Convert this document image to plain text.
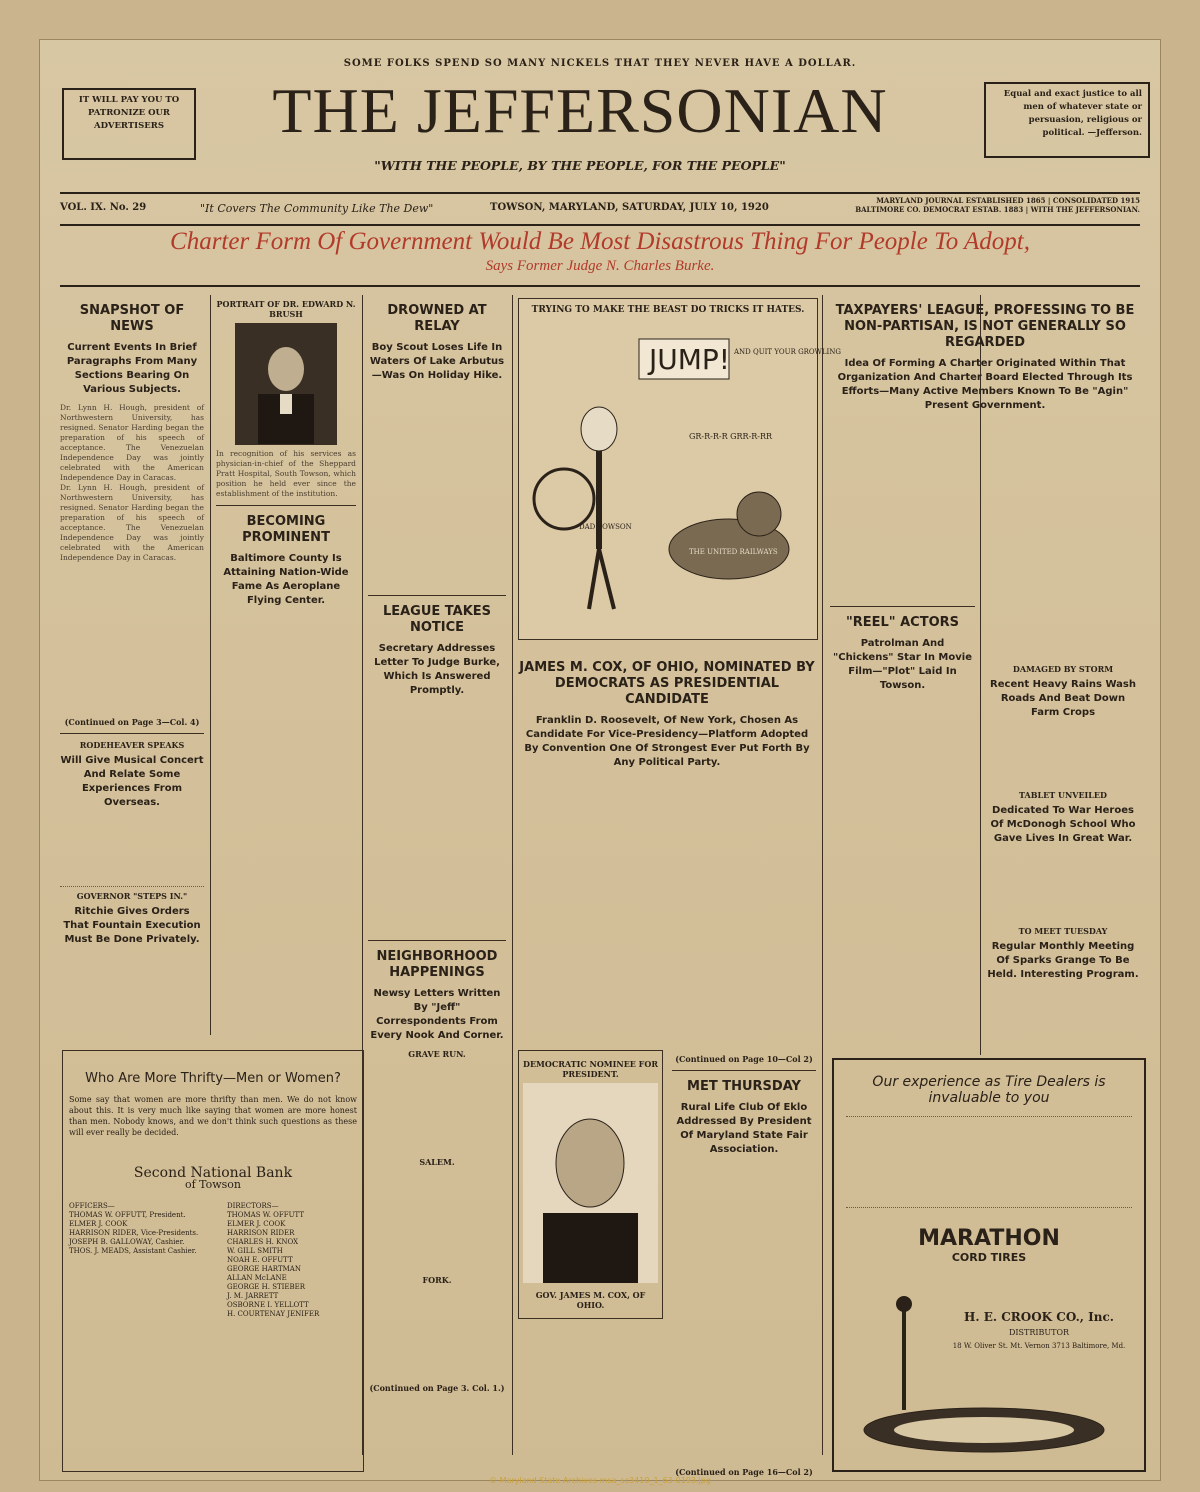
SOME FOLKS SPEND SO MANY NICKELS THAT THEY NEVER HAVE A DOLLAR.
IT WILL PAY YOU TO PATRONIZE OUR ADVERTISERS	THE JEFFERSONIAN
"WITH THE PEOPLE, BY THE PEOPLE, FOR THE PEOPLE"
Equal and exact justice to all men of whatever state or persuasion, religious or political. —Jefferson.
VOL. IX. No. 29	"It Covers The Community Like The Dew"	TOWSON, MARYLAND, SATURDAY, JULY 10, 1920
MARYLAND JOURNAL ESTABLISHED 1865 | CONSOLIDATED 1915
BALTIMORE CO. DEMOCRAT ESTAB. 1883 | WITH THE JEFFERSONIAN.
Charter Form Of Government Would Be Most Disastrous Thing For People To Adopt,
Says Former Judge N. Charles Burke.
SNAPSHOT OF NEWS
Current Events In Brief Paragraphs From Many Sections Bearing On Various Subjects.
Dr. Lynn H. Hough, president of Northwestern University, has resigned. Senator Harding began the preparation of his speech of acceptance. The Venezuelan Independence Day was jointly celebrated with the American Independence Day in Caracas.
Dr. Lynn H. Hough, president of Northwestern University, has resigned. Senator Harding began the preparation of his speech of acceptance. The Venezuelan Independence Day was jointly celebrated with the American Independence Day in Caracas.
(Continued on Page 3—Col. 4)
RODEHEAVER SPEAKS
Will Give Musical Concert And Relate Some Experiences From Overseas.
GOVERNOR "STEPS IN."
Ritchie Gives Orders That Fountain Execution Must Be Done Privately.
PORTRAIT OF DR. EDWARD N. BRUSH
In recognition of his services as physician-in-chief of the Sheppard Pratt Hospital, South Towson, which position he held ever since the establishment of the institution.
BECOMING PROMINENT
Baltimore County Is Attaining Nation-Wide Fame As Aeroplane Flying Center.
DROWNED AT RELAY
Boy Scout Loses Life In Waters Of Lake Arbutus—Was On Holiday Hike.
LEAGUE TAKES NOTICE
Secretary Addresses Letter To Judge Burke, Which Is Answered Promptly.
NEIGHBORHOOD HAPPENINGS
Newsy Letters Written By "Jeff" Correspondents From Every Nook And Corner.
GRAVE RUN.
SALEM.
FORK.
(Continued on Page 3. Col. 1.)
TRYING TO MAKE THE BEAST DO TRICKS IT HATES.
JUMP! AND QUIT YOUR GROWLING
GR-R-R-R GRR-R-RR
DAD TOWSON
THE UNITED RAILWAYS
JAMES M. COX, OF OHIO, NOMINATED BY DEMOCRATS AS PRESIDENTIAL CANDIDATE
Franklin D. Roosevelt, Of New York, Chosen As Candidate For Vice-Presidency—Platform Adopted By Convention One Of Strongest Ever Put Forth By Any Political Party.
DEMOCRATIC NOMINEE FOR PRESIDENT.
GOV. JAMES M. COX, OF OHIO.
(Continued on Page 10—Col 2)
MET THURSDAY
Rural Life Club Of Eklo Addressed By President Of Maryland State Fair Association.
(Continued on Page 16—Col 2)
TAXPAYERS' LEAGUE, PROFESSING TO BE NON-PARTISAN, IS NOT GENERALLY SO REGARDED
Idea Of Forming A Charter Originated Within That Organization And Charter Board Elected Through Its Efforts—Many Active Members Known To Be "Agin" Present Government.
"REEL" ACTORS
Patrolman And "Chickens" Star In Movie Film—"Plot" Laid In Towson.
DAMAGED BY STORM
Recent Heavy Rains Wash Roads And Beat Down Farm Crops
TABLET UNVEILED
Dedicated To War Heroes Of McDonogh School Who Gave Lives In Great War.
TO MEET TUESDAY
Regular Monthly Meeting Of Sparks Grange To Be Held. Interesting Program.
Who Are More Thrifty—Men or Women?
Some say that women are more thrifty than men. We do not know about this. It is very much like saying that women are more honest than men. Nobody knows, and we don't think such questions as these will ever really be decided.
Second National Bank
of Towson
OFFICERS—
THOMAS W. OFFUTT, President.
ELMER J. COOK
HARRISON RIDER, Vice-Presidents.
JOSEPH B. GALLOWAY, Cashier.
THOS. J. MEADS, Assistant Cashier.
DIRECTORS—
THOMAS W. OFFUTT
ELMER J. COOK
HARRISON RIDER
CHARLES H. KNOX
W. GILL SMITH
NOAH E. OFFUTT
GEORGE HARTMAN
ALLAN McLANE
GEORGE H. STIEBER
J. M. JARRETT
OSBORNE I. YELLOTT
H. COURTENAY JENIFER
Our experience as Tire Dealers is invaluable to you
MARATHON
CORD TIRES
H. E. CROOK CO., Inc.
DISTRIBUTOR
18 W. Oliver St. Mt. Vernon 3713 Baltimore, Md.
© Maryland State Archives msa_sc3410_1_63-0193.jpg
